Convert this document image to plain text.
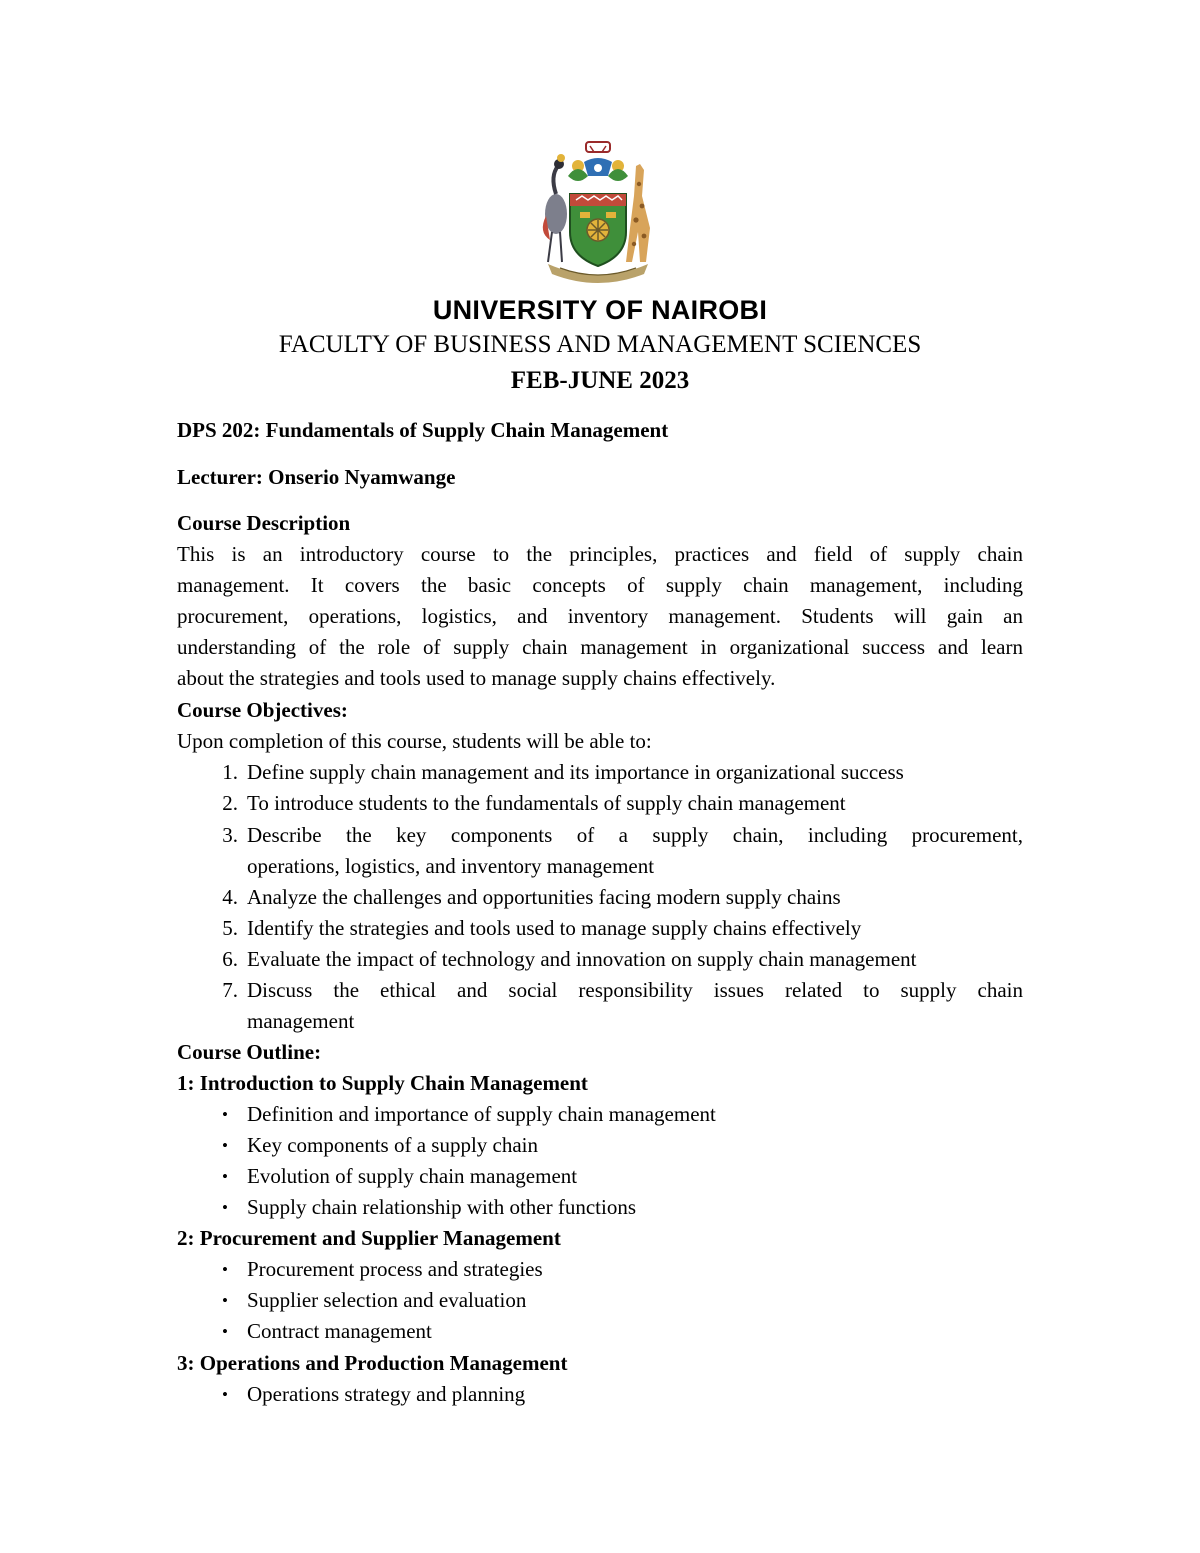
UNIVERSITY OF NAIROBI
FACULTY OF BUSINESS AND MANAGEMENT SCIENCES
FEB-JUNE 2023
DPS 202: Fundamentals of Supply Chain Management
Lecturer: Onserio Nyamwange
Course Description
This is an introductory course to the principles, practices and field of supply chain
management. It covers the basic concepts of supply chain management, including
procurement, operations, logistics, and inventory management. Students will gain an
understanding of the role of supply chain management in organizational success and learn
about the strategies and tools used to manage supply chains effectively.
Course Objectives:
Upon completion of this course, students will be able to:
1. Define supply chain management and its importance in organizational success
2. To introduce students to the fundamentals of supply chain management
3. Describe the key components of a supply chain, including procurement,
operations, logistics, and inventory management
4. Analyze the challenges and opportunities facing modern supply chains
5. Identify the strategies and tools used to manage supply chains effectively
6. Evaluate the impact of technology and innovation on supply chain management
7. Discuss the ethical and social responsibility issues related to supply chain
management
Course Outline:
1: Introduction to Supply Chain Management
• Definition and importance of supply chain management
• Key components of a supply chain
• Evolution of supply chain management
• Supply chain relationship with other functions
2: Procurement and Supplier Management
• Procurement process and strategies
• Supplier selection and evaluation
• Contract management
3: Operations and Production Management
• Operations strategy and planning
